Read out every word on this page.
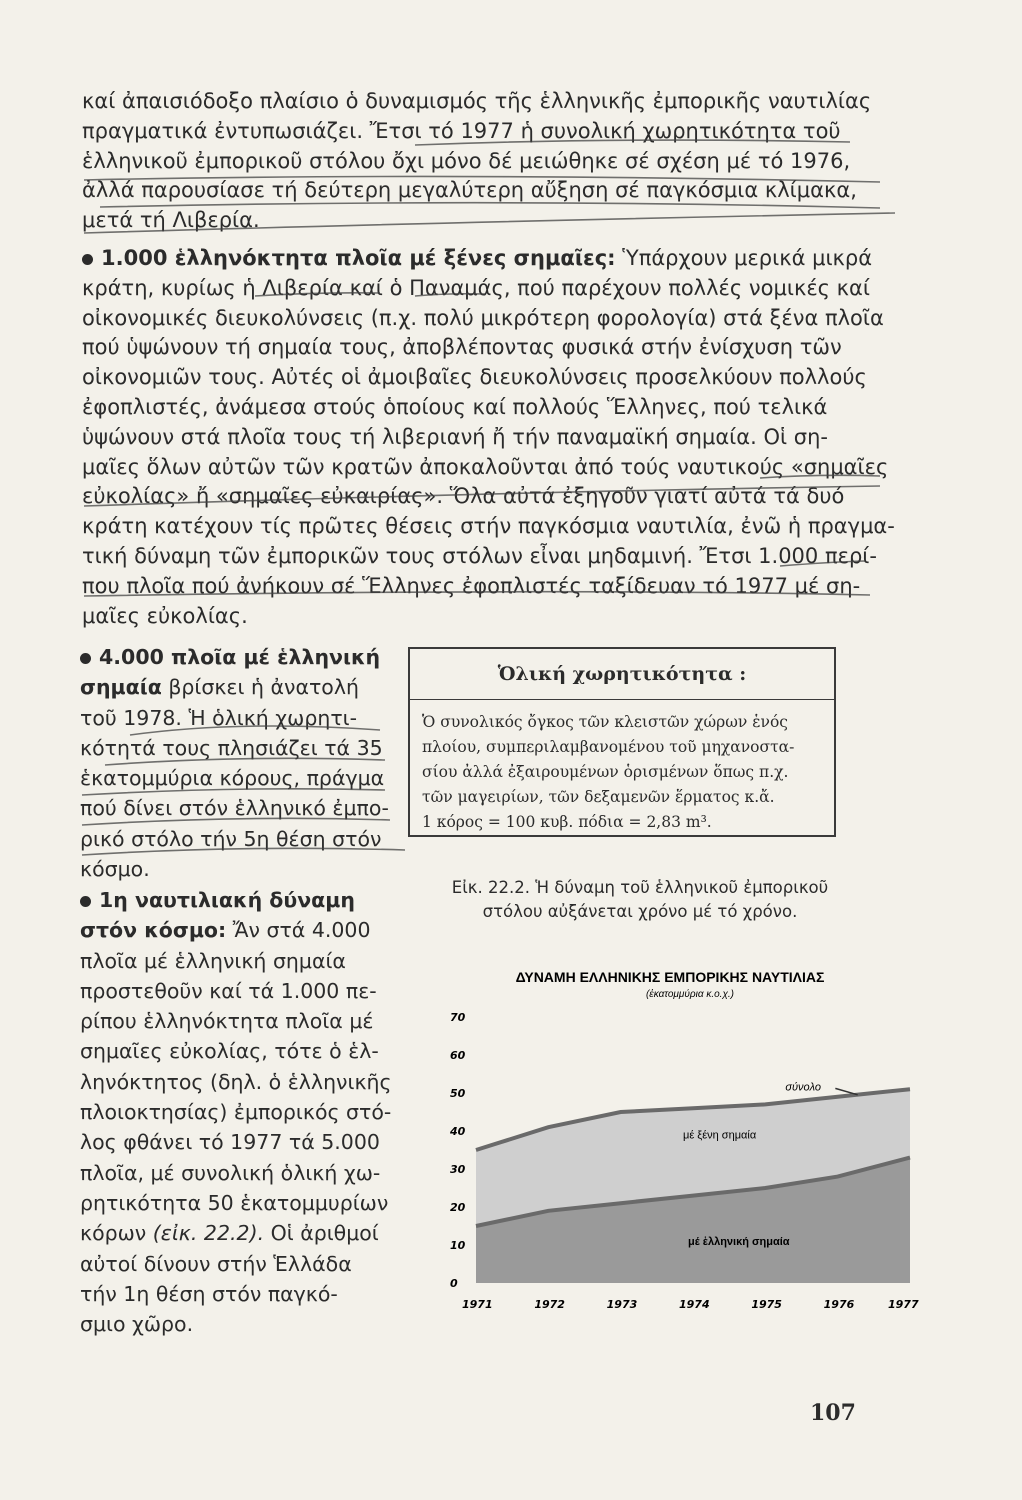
καί ἀπαισιόδοξο πλαίσιο ὁ δυναμισμός τῆς ἑλληνικῆς ἐμπορικῆς ναυτιλίας
πραγματικά ἐντυπωσιάζει. Ἔτσι τό 1977 ἡ συνολική χωρητικότητα τοῦ
ἑλληνικοῦ ἐμπορικοῦ στόλου ὄχι μόνο δέ μειώθηκε σέ σχέση μέ τό 1976,
ἀλλά παρουσίασε τή δεύτερη μεγαλύτερη αὔξηση σέ παγκόσμια κλίμακα,
μετά τή Λιβερία.
1.000 ἑλληνόκτητα πλοῖα μέ ξένες σημαῖες: Ὑπάρχουν μερικά μικρά
κράτη, κυρίως ἡ Λιβερία καί ὁ Παναμάς, πού παρέχουν πολλές νομικές καί
οἰκονομικές διευκολύνσεις (π.χ. πολύ μικρότερη φορολογία) στά ξένα πλοῖα
πού ὑψώνουν τή σημαία τους, ἀποβλέποντας φυσικά στήν ἐνίσχυση τῶν
οἰκονομιῶν τους. Αὐτές οἱ ἀμοιβαῖες διευκολύνσεις προσελκύουν πολλούς
ἐφοπλιστές, ἀνάμεσα στούς ὁποίους καί πολλούς Ἕλληνες, πού τελικά
ὑψώνουν στά πλοῖα τους τή λιβεριανή ἤ τήν παναμαϊκή σημαία. Οἱ ση-
μαῖες ὅλων αὐτῶν τῶν κρατῶν ἀποκαλοῦνται ἀπό τούς ναυτικούς «σημαῖες
εὐκολίας» ἤ «σημαῖες εὐκαιρίας». Ὅλα αὐτά ἐξηγοῦν γιατί αὐτά τά δυό
κράτη κατέχουν τίς πρῶτες θέσεις στήν παγκόσμια ναυτιλία, ἐνῶ ἡ πραγμα-
τική δύναμη τῶν ἐμπορικῶν τους στόλων εἶναι μηδαμινή. Ἔτσι 1.000 περί-
που πλοῖα πού ἀνήκουν σέ Ἕλληνες ἐφοπλιστές ταξίδευαν τό 1977 μέ ση-
μαῖες εὐκολίας.
4.000 πλοῖα μέ ἑλληνική
σημαία βρίσκει ἡ ἀνατολή
τοῦ 1978. Ἡ ὁλική χωρητι-
κότητά τους πλησιάζει τά 35
ἑκατομμύρια κόρους, πράγμα
πού δίνει στόν ἑλληνικό ἐμπο-
ρικό στόλο τήν 5η θέση στόν
κόσμο.
1η ναυτιλιακή δύναμη
στόν κόσμο: Ἄν στά 4.000
πλοῖα μέ ἑλληνική σημαία
προστεθοῦν καί τά 1.000 πε-
ρίπου ἑλληνόκτητα πλοῖα μέ
σημαῖες εὐκολίας, τότε ὁ ἑλ-
ληνόκτητος (δηλ. ὁ ἑλληνικῆς
πλοιοκτησίας) ἐμπορικός στό-
λος φθάνει τό 1977 τά 5.000
πλοῖα, μέ συνολική ὁλική χω-
ρητικότητα 50 ἑκατομμυρίων
κόρων (εἰκ. 22.2). Οἱ ἀριθμοί
αὐτοί δίνουν στήν Ἑλλάδα
τήν 1η θέση στόν παγκό-
σμιο χῶρο.
Ὁλική χωρητικότητα :
Ὁ συνολικός ὄγκος τῶν κλειστῶν χώρων ἑνός
πλοίου, συμπεριλαμβανομένου τοῦ μηχανοστα-
σίου ἀλλά ἐξαιρουμένων ὁρισμένων ὅπως π.χ.
τῶν μαγειρίων, τῶν δεξαμενῶν ἕρματος κ.ἄ.
1 κόρος = 100 κυβ. πόδια = 2,83 m³.
Εἰκ. 22.2. Ἡ δύναμη τοῦ ἑλληνικοῦ ἐμπορικοῦ
στόλου αὐξάνεται χρόνο μέ τό χρόνο.
ΔΥΝΑΜΗ ΕΛΛΗΝΙΚΗΣ ΕΜΠΟΡΙΚΗΣ ΝΑΥΤΙΛΙΑΣ
(ἑκατομμύρια κ.ο.χ.)
0
10
20
30
40
50
60
70
1971	1972	1973	1974	1975	1976	1977
σύνολο
μέ ξένη σημαία
μέ ἑλληνική σημαία
107
